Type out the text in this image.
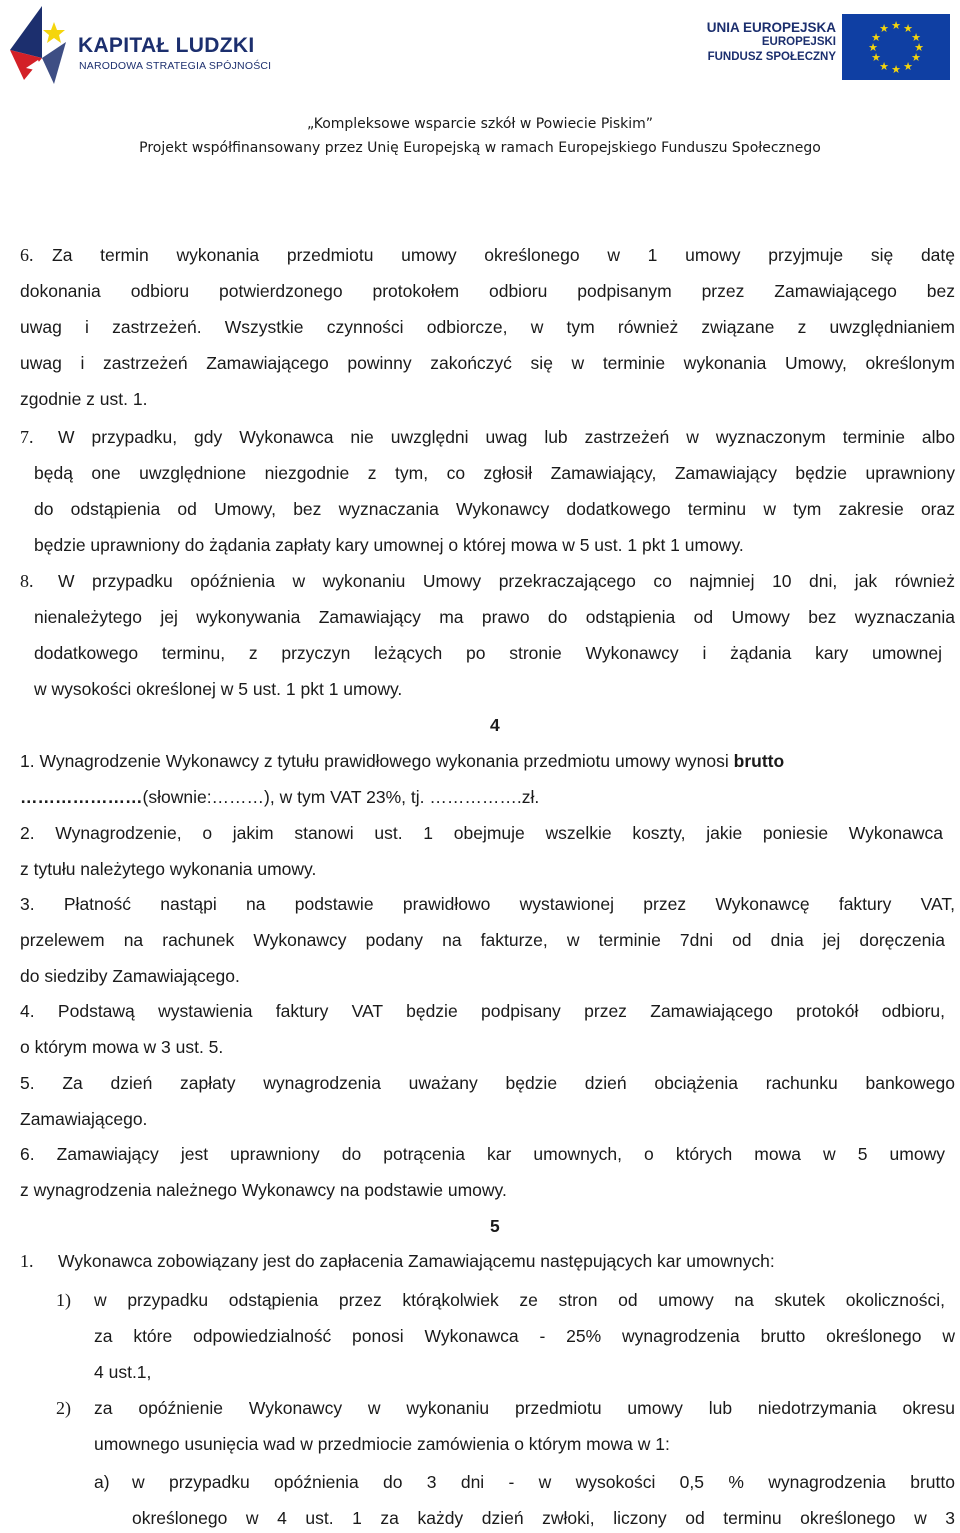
KAPITAŁ LUDZKI
NARODOWA STRATEGIA SPÓJNOŚCI
UNIA EUROPEJSKA
EUROPEJSKI
FUNDUSZ SPOŁECZNY
★ ★
★
★
★
★
★
★
★
★
★
★
„Kompleksowe wsparcie szkół w Powiecie Piskim”
Projekt współfinansowany przez Unię Europejską w ramach Europejskiego Funduszu Społecznego
6. Za termin wykonania przedmiotu umowy określonego w 1 umowy przyjmuje się datę
dokonania odbioru potwierdzonego protokołem odbioru podpisanym przez Zamawiającego bez
uwag i zastrzeżeń. Wszystkie czynności odbiorcze, w tym również związane z uwzględnianiem
uwag i zastrzeżeń Zamawiającego powinny zakończyć się w terminie wykonania Umowy, określonym
zgodnie z ust. 1.
7. W przypadku, gdy Wykonawca nie uwzględni uwag lub zastrzeżeń w wyznaczonym terminie albo
będą one uwzględnione niezgodnie z tym, co zgłosił Zamawiający, Zamawiający będzie uprawniony
do odstąpienia od Umowy, bez wyznaczania Wykonawcy dodatkowego terminu w tym zakresie oraz
będzie uprawniony do żądania zapłaty kary umownej o której mowa w 5 ust. 1 pkt 1 umowy.
8. W przypadku opóźnienia w wykonaniu Umowy przekraczającego co najmniej 10 dni, jak również
nienależytego jej wykonywania Zamawiający ma prawo do odstąpienia od Umowy bez wyznaczania
dodatkowego terminu, z przyczyn leżących po stronie Wykonawcy i żądania kary umownej
w wysokości określonej w 5 ust. 1 pkt 1 umowy.
4
1. Wynagrodzenie Wykonawcy z tytułu prawidłowego wykonania przedmiotu umowy wynosi brutto
…………………(słownie:………), w tym VAT 23%, tj. …………….zł.
2. Wynagrodzenie, o jakim stanowi ust. 1 obejmuje wszelkie koszty, jakie poniesie Wykonawca
z tytułu należytego wykonania umowy.
3. Płatność nastąpi na podstawie prawidłowo wystawionej przez Wykonawcę faktury VAT,
przelewem na rachunek Wykonawcy podany na fakturze, w terminie 7dni od dnia jej doręczenia
do siedziby Zamawiającego.
4. Podstawą wystawienia faktury VAT będzie podpisany przez Zamawiającego protokół odbioru,
o którym mowa w 3 ust. 5.
5. Za dzień zapłaty wynagrodzenia uważany będzie dzień obciążenia rachunku bankowego
Zamawiającego.
6. Zamawiający jest uprawniony do potrącenia kar umownych, o których mowa w 5 umowy
z wynagrodzenia należnego Wykonawcy na podstawie umowy.
5
1. Wykonawca zobowiązany jest do zapłacenia Zamawiającemu następujących kar umownych:
1) w przypadku odstąpienia przez którąkolwiek ze stron od umowy na skutek okoliczności,
za które odpowiedzialność ponosi Wykonawca - 25% wynagrodzenia brutto określonego w
4 ust.1,
2) za opóźnienie Wykonawcy w wykonaniu przedmiotu umowy lub niedotrzymania okresu
umownego usunięcia wad w przedmiocie zamówienia o którym mowa w 1:
a) w przypadku opóźnienia do 3 dni - w wysokości 0,5 % wynagrodzenia brutto
określonego w 4 ust. 1 za każdy dzień zwłoki, liczony od terminu określonego w 3
